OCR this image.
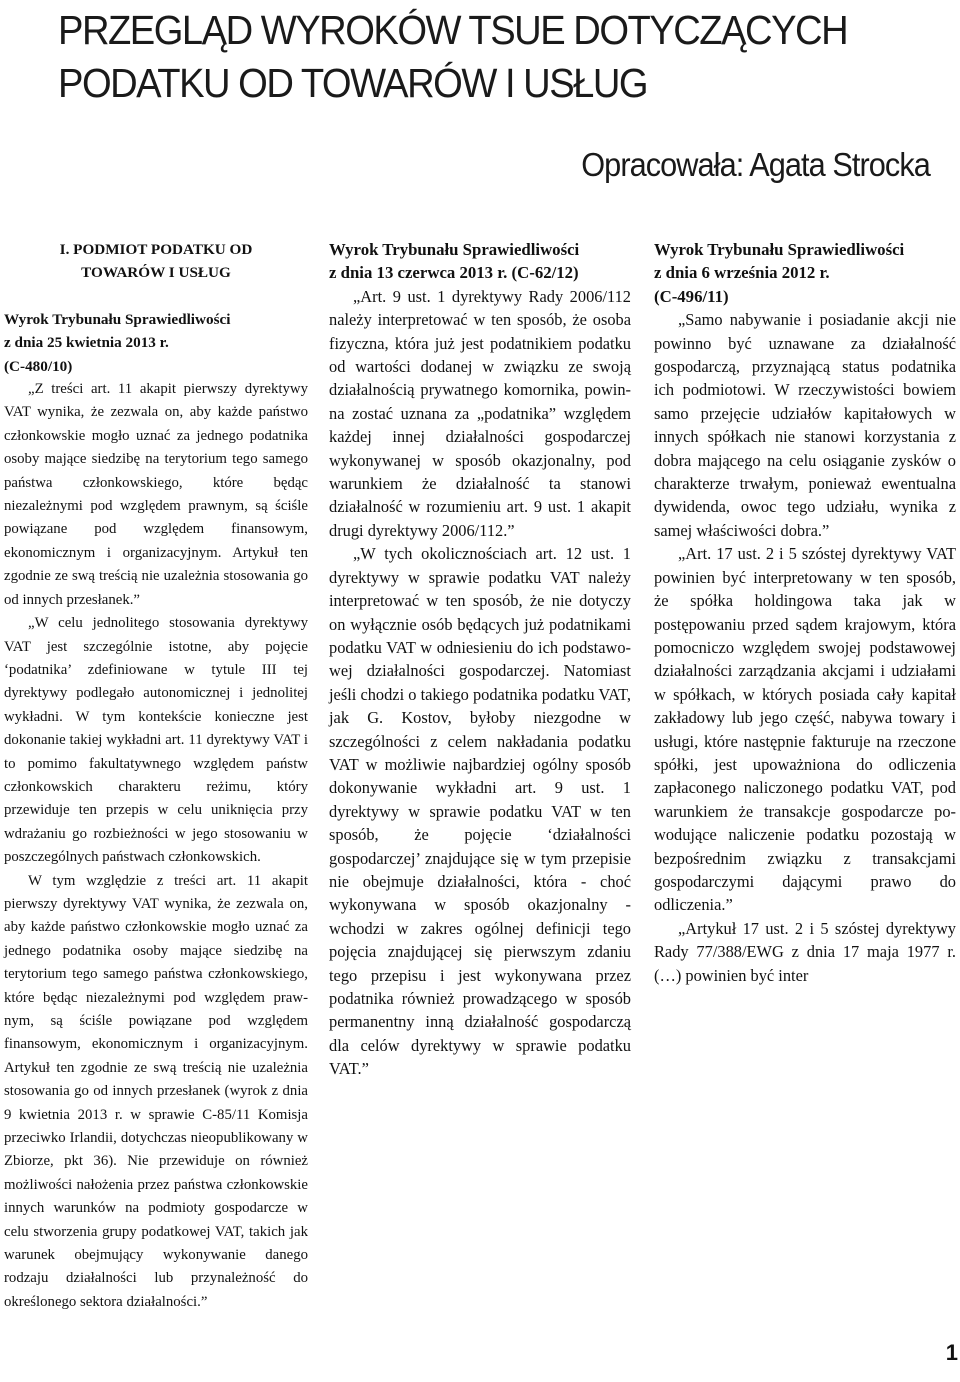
PRZEGLĄD WYROKÓW TSUE DOTYCZĄCYCH
PODATKU OD TOWARÓW I USŁUG
Opracowała: Agata Strocka

I. PODMIOT PODATKU OD

TOWARÓW I USŁUG

Wyrok Trybunału Sprawiedliwości

z dnia 25 kwietnia 2013 r.

(C-480/10)

„Z treści art. 11 akapit pierwszy dyrektywy VAT wynika, że zezwala on, aby każde państwo członkowskie mogło uznać za jednego podatnika osoby mające siedzibę na terytorium tego samego państwa członkowskiego, które będąc niezależnymi pod względem prawnym, są ściśle powiązane pod względem finansowym, ekonomicznym i organizacyjnym. Artykuł ten zgodnie ze swą treścią nie uzależnia stosowania go od innych przesłanek.”

„W celu jednolitego stosowania dyrektywy VAT jest szczególnie istotne, aby pojęcie ‘podatnika’ zdefiniowane w tytule III tej dyrektywy podlegało autonomicznej i jednolitej wykładni. W tym kontekście konieczne jest dokonanie takiej wykładni art. 11 dyrektywy VAT i to pomimo fakultatywnego względem państw członkowskich charakteru reżimu, który przewiduje ten przepis w celu uniknięcia przy wdrażaniu go rozbieżności w jego stosowaniu w poszczególnych państwach członkowskich.

W tym względzie z treści art. 11 akapit pierwszy dyrektywy VAT wynika, że zezwala on, aby każde państwo członkowskie mogło uznać za jednego podatnika osoby mające siedzibę na terytorium tego samego państwa członkowskiego, które będąc niezależnymi pod względem prawnym, są ściśle powiązane pod względem finansowym, ekonomicznym i organizacyjnym. Artykuł ten zgodnie ze swą treścią nie uzależnia stosowania go od innych przesłanek (wyrok z dnia 9 kwietnia 2013 r. w sprawie C-85/11 Komisja przeciwko Irlandii, dotychczas nieopublikowany w Zbiorze, pkt 36). Nie przewiduje on również możliwości nałożenia przez państwa członkowskie innych warunków na podmioty gospodarcze w celu stworzenia grupy podatkowej VAT, takich jak warunek obejmujący wykonywanie danego rodzaju działalności lub przynależność do określonego sektora działalności.”

Wyrok Trybunału Sprawiedliwości

z dnia 13 czerwca 2013 r. (C-62/12)

„Art. 9 ust. 1 dyrektywy Rady 2006/112 należy interpretować w ten sposób, że osoba fizyczna, która już jest podatnikiem podatku od wartości dodanej w związku ze swoją działalnością prywatnego komornika, powinna zostać uznana za „podatnika” względem każdej innej działalności gospodarczej wykonywanej w sposób okazjonalny, pod warunkiem że działalność ta stanowi działalność w rozumieniu art. 9 ust. 1 akapit drugi dyrektywy 2006/112.”

„W tych okolicznościach art. 12 ust. 1 dyrektywy w sprawie podatku VAT należy interpretować w ten sposób, że nie dotyczy on wyłącznie osób będących już podatnikami podatku VAT w odniesieniu do ich podstawowej działalności gospodarczej. Natomiast jeśli chodzi o takiego podatnika podatku VAT, jak G. Kostov, byłoby niezgodne w szczególności z celem nakładania podatku VAT w możliwie najbardziej ogólny sposób dokonywanie wykładni art. 9 ust. 1 dyrektywy w sprawie podatku VAT w ten sposób, że pojęcie ‘działalności gospodarczej’ znajdujące się w tym przepisie nie obejmuje działalności, która - choć wykonywana w sposób okazjonalny - wchodzi w zakres ogólnej definicji tego pojęcia znajdującej się pierwszym zdaniu tego przepisu i jest wykonywana przez podatnika również prowadzącego w sposób permanentny inną działalność gospodarczą dla celów dyrektywy w sprawie podatku VAT.”

Wyrok Trybunału Sprawiedliwości

z dnia 6 września 2012 r.

(C-496/11)

„Samo nabywanie i posiadanie akcji nie powinno być uznawane za działalność gospodarczą, przyznającą status podatnika ich podmiotowi. W rzeczywistości bowiem samo przejęcie udziałów kapitałowych w innych spółkach nie stanowi korzystania z dobra mającego na celu osiąganie zysków o charakterze trwałym, ponieważ ewentualna dywidenda, owoc tego udziału, wynika z samej właściwości dobra.”

„Art. 17 ust. 2 i 5 szóstej dyrektywy VAT powinien być interpretowany w ten sposób, że spółka holdingowa taka jak w postępowaniu przed sądem krajowym, która pomocniczo względem swojej podstawowej działalności zarządzania akcjami i udziałami w spółkach, w których posiada cały kapitał zakładowy lub jego część, nabywa towary i usługi, które następnie fakturuje na rzeczone spółki, jest upoważniona do odliczenia zapłaconego naliczonego podatku VAT, pod warunkiem że transakcje gospodarcze powodujące naliczenie podatku pozostają w bezpośrednim związku z transakcjami gospodarczymi dającymi prawo do odliczenia.”

„Artykuł 17 ust. 2 i 5 szóstej dyrektywy Rady 77/388/EWG z dnia 17 maja 1977 r. (…) powinien być inter

1
